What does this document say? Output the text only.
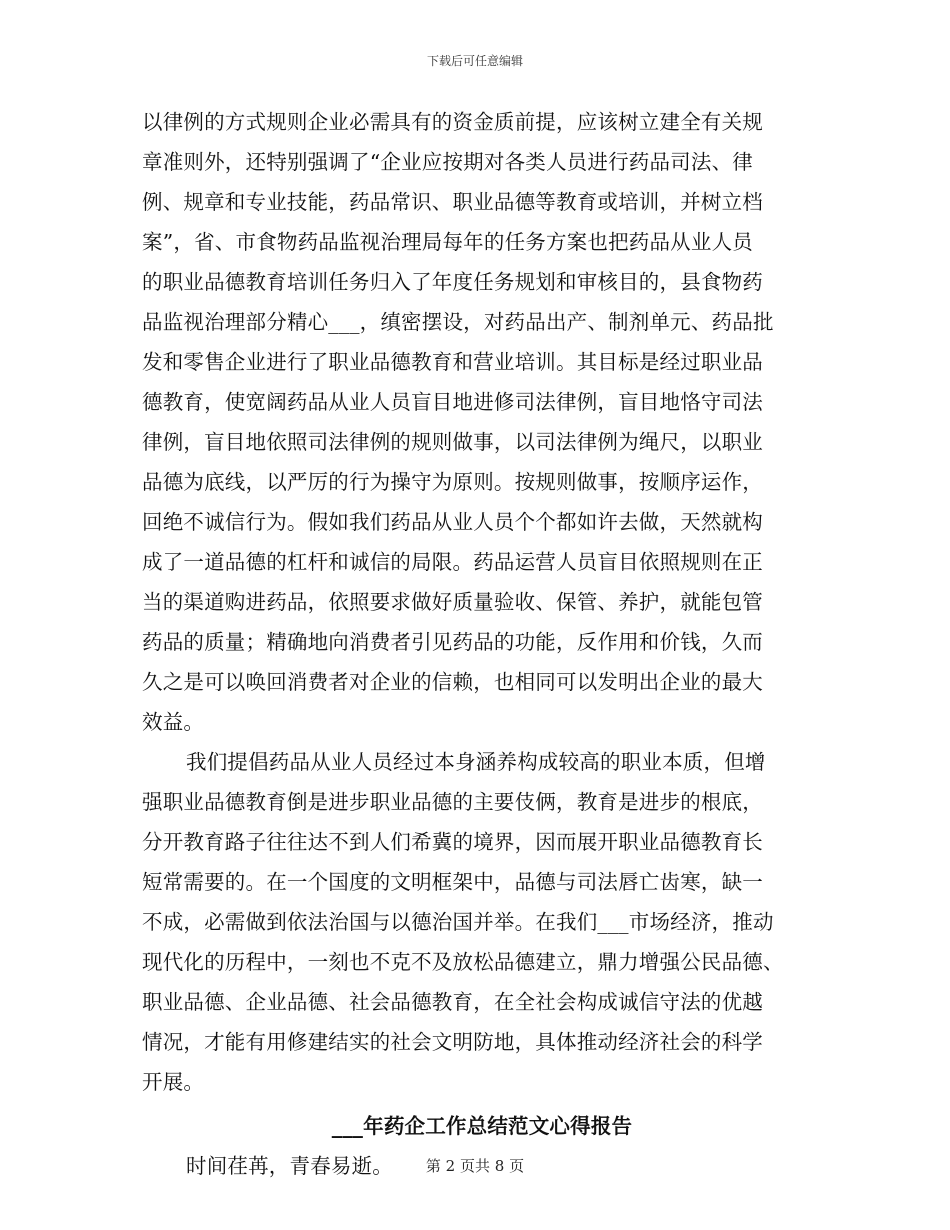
下载后可任意编辑
以律例的方式规则企业必需具有的资金质前提，应该树立建全有关规
章准则外，还特别强调了“企业应按期对各类人员进行药品司法、律
例、规章和专业技能，药品常识、职业品德等教育或培训，并树立档
案”，省、市食物药品监视治理局每年的任务方案也把药品从业人员
的职业品德教育培训任务归入了年度任务规划和审核目的，县食物药
品监视治理部分精心___，缜密摆设，对药品出产、制剂单元、药品批
发和零售企业进行了职业品德教育和营业培训。其目标是经过职业品
德教育，使宽阔药品从业人员盲目地进修司法律例，盲目地恪守司法
律例，盲目地依照司法律例的规则做事，以司法律例为绳尺，以职业
品德为底线，以严厉的行为操守为原则。按规则做事，按顺序运作，
回绝不诚信行为。假如我们药品从业人员个个都如许去做，天然就构
成了一道品德的杠杆和诚信的局限。药品运营人员盲目依照规则在正
当的渠道购进药品，依照要求做好质量验收、保管、养护，就能包管
药品的质量；精确地向消费者引见药品的功能，反作用和价钱，久而
久之是可以唤回消费者对企业的信赖，也相同可以发明出企业的最大
效益。
我们提倡药品从业人员经过本身涵养构成较高的职业本质，但增
强职业品德教育倒是进步职业品德的主要伎俩，教育是进步的根底，
分开教育路子往往达不到人们希冀的境界，因而展开职业品德教育长
短常需要的。在一个国度的文明框架中，品德与司法唇亡齿寒，缺一
不成，必需做到依法治国与以德治国并举。在我们___市场经济，推动
现代化的历程中，一刻也不克不及放松品德建立，鼎力增强公民品德、
职业品德、企业品德、社会品德教育，在全社会构成诚信守法的优越
情况，才能有用修建结实的社会文明防地，具体推动经济社会的科学
开展。
___年药企工作总结范文心得报告
时间荏苒，青春易逝。	第 2 页共 8 页
